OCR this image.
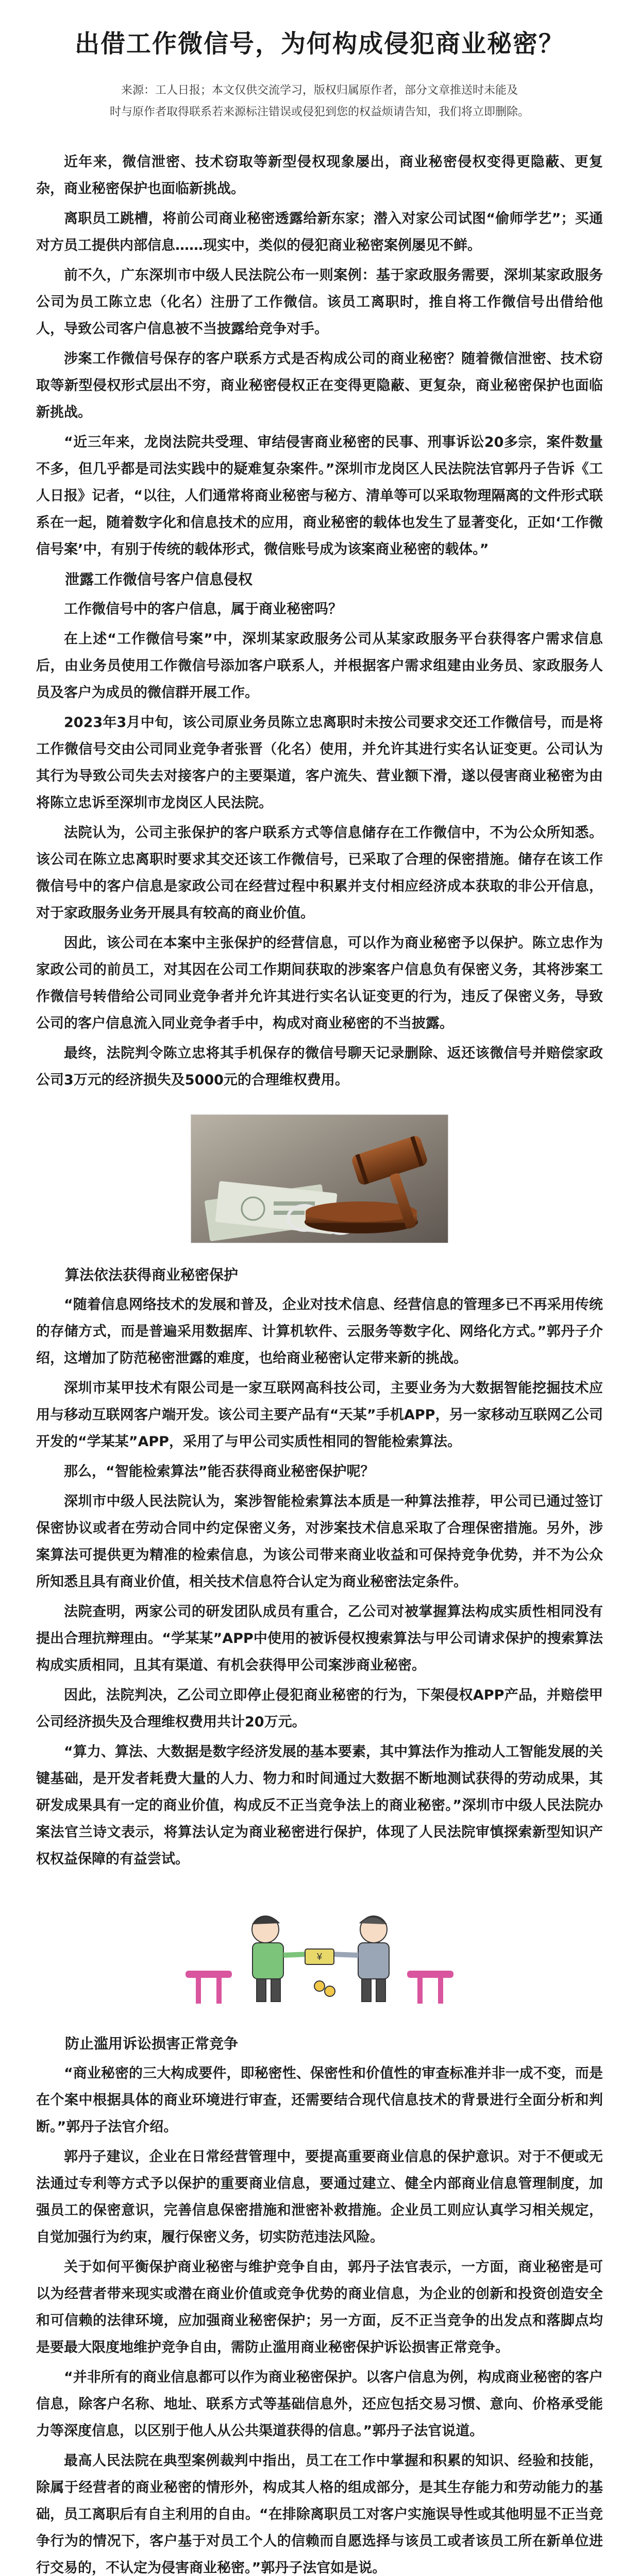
出借工作微信号，为何构成侵犯商业秘密？
来源：工人日报；本文仅供交流学习，版权归属原作者，部分文章推送时未能及
时与原作者取得联系若来源标注错误或侵犯到您的权益烦请告知，我们将立即删除。

近年来，微信泄密、技术窃取等新型侵权现象屡出，商业秘密侵权变得更隐蔽、更复杂，商业秘密保护也面临新挑战。

离职员工跳槽，将前公司商业秘密透露给新东家；潜入对家公司试图“偷师学艺”；买通对方员工提供内部信息……现实中，类似的侵犯商业秘密案例屡见不鲜。

前不久，广东深圳市中级人民法院公布一则案例：基于家政服务需要，深圳某家政服务公司为员工陈立忠（化名）注册了工作微信。该员工离职时，推自将工作微信号出借给他人，导致公司客户信息被不当披露给竞争对手。

涉案工作微信号保存的客户联系方式是否构成公司的商业秘密？随着微信泄密、技术窃取等新型侵权形式层出不穷，商业秘密侵权正在变得更隐蔽、更复杂，商业秘密保护也面临新挑战。

“近三年来，龙岗法院共受理、审结侵害商业秘密的民事、刑事诉讼20多宗，案件数量不多，但几乎都是司法实践中的疑难复杂案件。”深圳市龙岗区人民法院法官郭丹子告诉《工人日报》记者，“以往，人们通常将商业秘密与秘方、清单等可以采取物理隔离的文件形式联系在一起，随着数字化和信息技术的应用，商业秘密的载体也发生了显著变化，正如‘工作微信号案’中，有别于传统的载体形式，微信账号成为该案商业秘密的载体。”

泄露工作微信号客户信息侵权

工作微信号中的客户信息，属于商业秘密吗？

在上述“工作微信号案”中，深圳某家政服务公司从某家政服务平台获得客户需求信息后，由业务员使用工作微信号添加客户联系人，并根据客户需求组建由业务员、家政服务人员及客户为成员的微信群开展工作。

2023年3月中旬，该公司原业务员陈立忠离职时未按公司要求交还工作微信号，而是将工作微信号交由公司同业竞争者张晋（化名）使用，并允许其进行实名认证变更。公司认为其行为导致公司失去对接客户的主要渠道，客户流失、营业额下滑，遂以侵害商业秘密为由将陈立忠诉至深圳市龙岗区人民法院。

法院认为，公司主张保护的客户联系方式等信息储存在工作微信中，不为公众所知悉。该公司在陈立忠离职时要求其交还该工作微信号，已采取了合理的保密措施。储存在该工作微信号中的客户信息是家政公司在经营过程中积累并支付相应经济成本获取的非公开信息，对于家政服务业务开展具有较高的商业价值。

因此，该公司在本案中主张保护的经营信息，可以作为商业秘密予以保护。陈立忠作为家政公司的前员工，对其因在公司工作期间获取的涉案客户信息负有保密义务，其将涉案工作微信号转借给公司同业竞争者并允许其进行实名认证变更的行为，违反了保密义务，导致公司的客户信息流入同业竞争者手中，构成对商业秘密的不当披露。

最终，法院判令陈立忠将其手机保存的微信号聊天记录删除、返还该微信号并赔偿家政公司3万元的经济损失及5000元的合理维权费用。

算法依法获得商业秘密保护

“随着信息网络技术的发展和普及，企业对技术信息、经营信息的管理多已不再采用传统的存储方式，而是普遍采用数据库、计算机软件、云服务等数字化、网络化方式。”郭丹子介绍，这增加了防范秘密泄露的难度，也给商业秘密认定带来新的挑战。

深圳市某甲技术有限公司是一家互联网高科技公司，主要业务为大数据智能挖掘技术应用与移动互联网客户端开发。该公司主要产品有“天某”手机APP，另一家移动互联网乙公司开发的“学某某”APP，采用了与甲公司实质性相同的智能检索算法。

那么，“智能检索算法”能否获得商业秘密保护呢？

深圳市中级人民法院认为，案涉智能检索算法本质是一种算法推荐，甲公司已通过签订保密协议或者在劳动合同中约定保密义务，对涉案技术信息采取了合理保密措施。另外，涉案算法可提供更为精准的检索信息，为该公司带来商业收益和可保持竞争优势，并不为公众所知悉且具有商业价值，相关技术信息符合认定为商业秘密法定条件。

法院查明，两家公司的研发团队成员有重合，乙公司对被掌握算法构成实质性相同没有提出合理抗辩理由。“学某某”APP中使用的被诉侵权搜索算法与甲公司请求保护的搜索算法构成实质相同，且其有渠道、有机会获得甲公司案涉商业秘密。

因此，法院判决，乙公司立即停止侵犯商业秘密的行为，下架侵权APP产品，并赔偿甲公司经济损失及合理维权费用共计20万元。

“算力、算法、大数据是数字经济发展的基本要素，其中算法作为推动人工智能发展的关键基础，是开发者耗费大量的人力、物力和时间通过大数据不断地测试获得的劳动成果，其研发成果具有一定的商业价值，构成反不正当竞争法上的商业秘密。”深圳市中级人民法院办案法官兰诗文表示，将算法认定为商业秘密进行保护，体现了人民法院审慎探索新型知识产权权益保障的有益尝试。

¥

防止滥用诉讼损害正常竞争

“商业秘密的三大构成要件，即秘密性、保密性和价值性的审查标准并非一成不变，而是在个案中根据具体的商业环境进行审查，还需要结合现代信息技术的背景进行全面分析和判断。”郭丹子法官介绍。

郭丹子建议，企业在日常经营管理中，要提高重要商业信息的保护意识。对于不便或无法通过专利等方式予以保护的重要商业信息，要通过建立、健全内部商业信息管理制度，加强员工的保密意识，完善信息保密措施和泄密补救措施。企业员工则应认真学习相关规定，自觉加强行为约束，履行保密义务，切实防范违法风险。

关于如何平衡保护商业秘密与维护竞争自由，郭丹子法官表示，一方面，商业秘密是可以为经营者带来现实或潜在商业价值或竞争优势的商业信息，为企业的创新和投资创造安全和可信赖的法律环境，应加强商业秘密保护；另一方面，反不正当竞争的出发点和落脚点均是要最大限度地维护竞争自由，需防止滥用商业秘密保护诉讼损害正常竞争。

“并非所有的商业信息都可以作为商业秘密保护。以客户信息为例，构成商业秘密的客户信息，除客户名称、地址、联系方式等基础信息外，还应包括交易习惯、意向、价格承受能力等深度信息，以区别于他人从公共渠道获得的信息。”郭丹子法官说道。

最高人民法院在典型案例裁判中指出，员工在工作中掌握和积累的知识、经验和技能，除属于经营者的商业秘密的情形外，构成其人格的组成部分，是其生存能力和劳动能力的基础，员工离职后有自主利用的自由。“在排除离职员工对客户实施误导性或其他明显不正当竞争行为的情况下，客户基于对员工个人的信赖而自愿选择与该员工或者该员工所在新单位进行交易的，不认定为侵害商业秘密。”郭丹子法官如是说。
